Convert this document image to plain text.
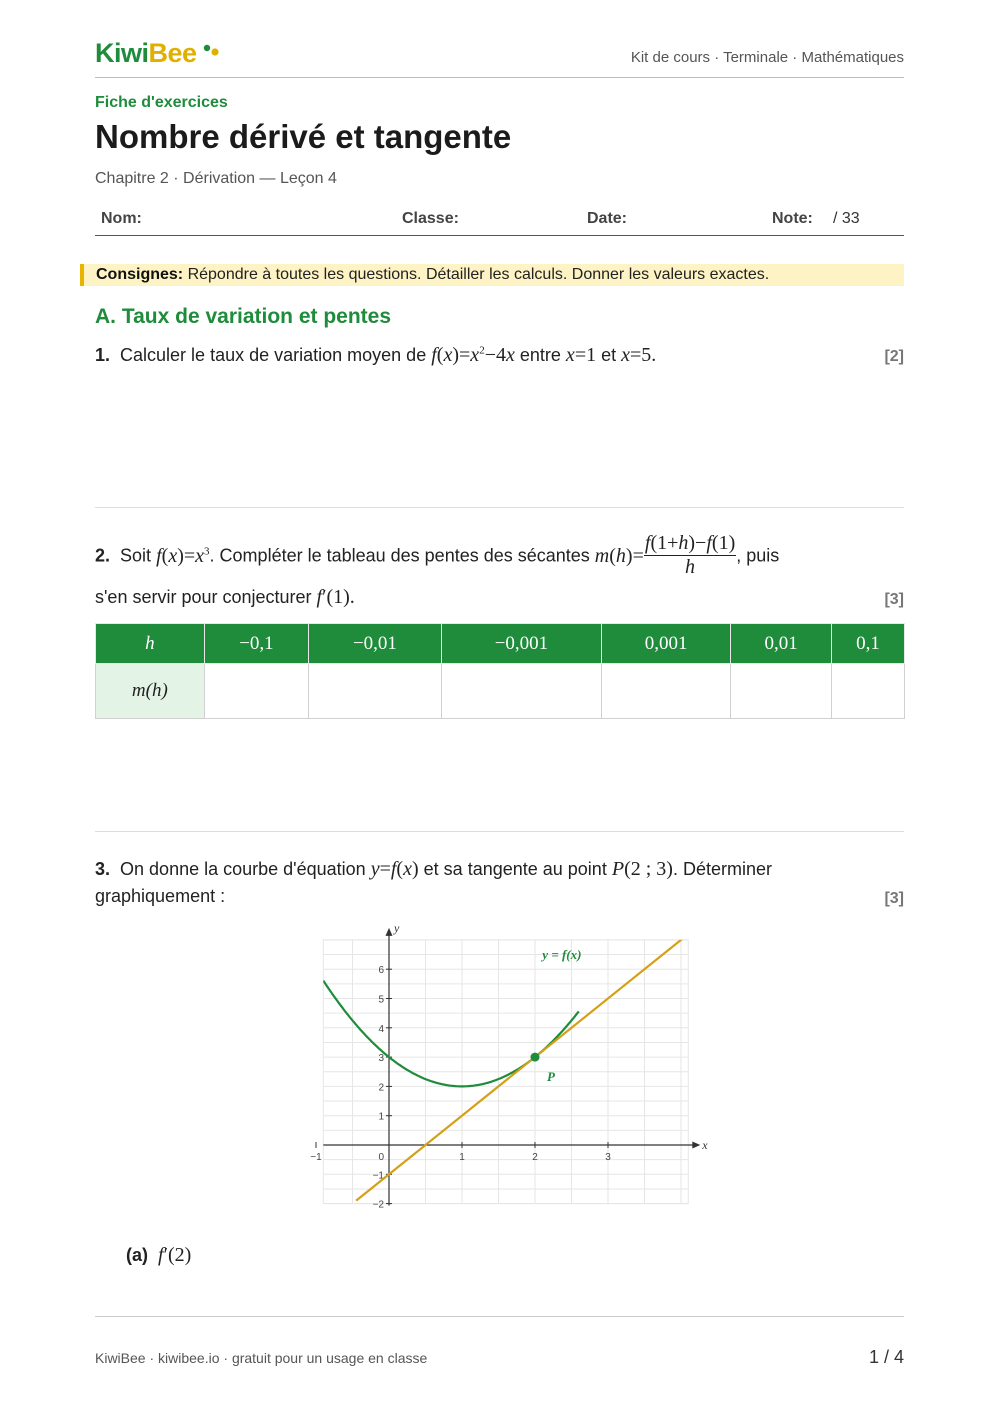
KiwiBee	Kit de cours · Terminale · Mathématiques
Fiche d'exercices
Nombre dérivé et tangente
Chapitre 2 · Dérivation — Leçon 4
Nom:	Classe:	Date:	Note: / 33
Consignes: Répondre à toutes les questions. Détailler les calculs. Donner les valeurs exactes.
A. Taux de variation et pentes
1. Calculer le taux de variation moyen de $f(x)=x^2-4x$ entre x=1 et x=5.	[2]
2. Soit $f(x)=x^3$. Compléter le tableau des pentes des sécantes $m(h)= \frac{f(1+h)-f(1)}{h}$ , puis
s'en servir pour conjecturer f′(1).	[3]
h	−0,1	−0,01	−0,001	0,001	0,01	0,1
m(h)						
3. On donne la courbe d'équation y=f(x) et sa tangente au point P(2 ; 3). Déterminer
graphiquement :	[3]
x
y
−1	1	2	3
−2
−1
1
2
3
4
5
6
0
P
y = f(x)
(a) f′(2)
KiwiBee · kiwibee.io · gratuit pour un usage en classe	1 / 4
